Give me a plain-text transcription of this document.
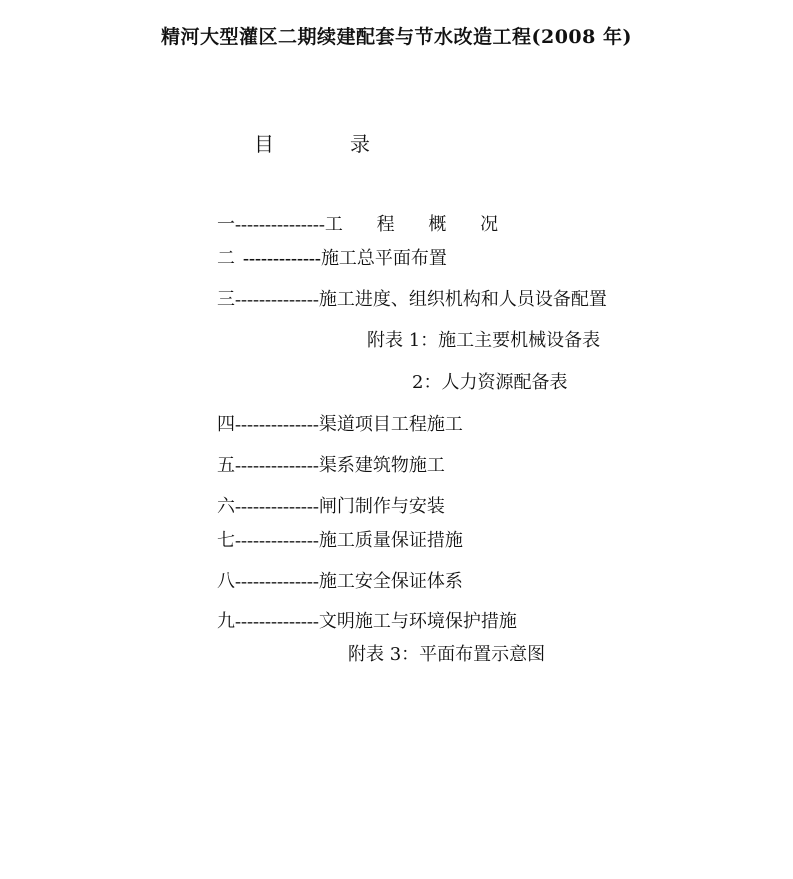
精河大型灌区二期续建配套与节水改造工程(2008 年)
目	录
一---------------工 程 概 况
二 -------------施工总平面布置
三--------------施工进度、组织机构和人员设备配置
附表 1：施工主要机械设备表
2：人力资源配备表
四--------------渠道项目工程施工
五--------------渠系建筑物施工
六--------------闸门制作与安装
七--------------施工质量保证措施
八--------------施工安全保证体系
九--------------文明施工与环境保护措施
附表 3：平面布置示意图
